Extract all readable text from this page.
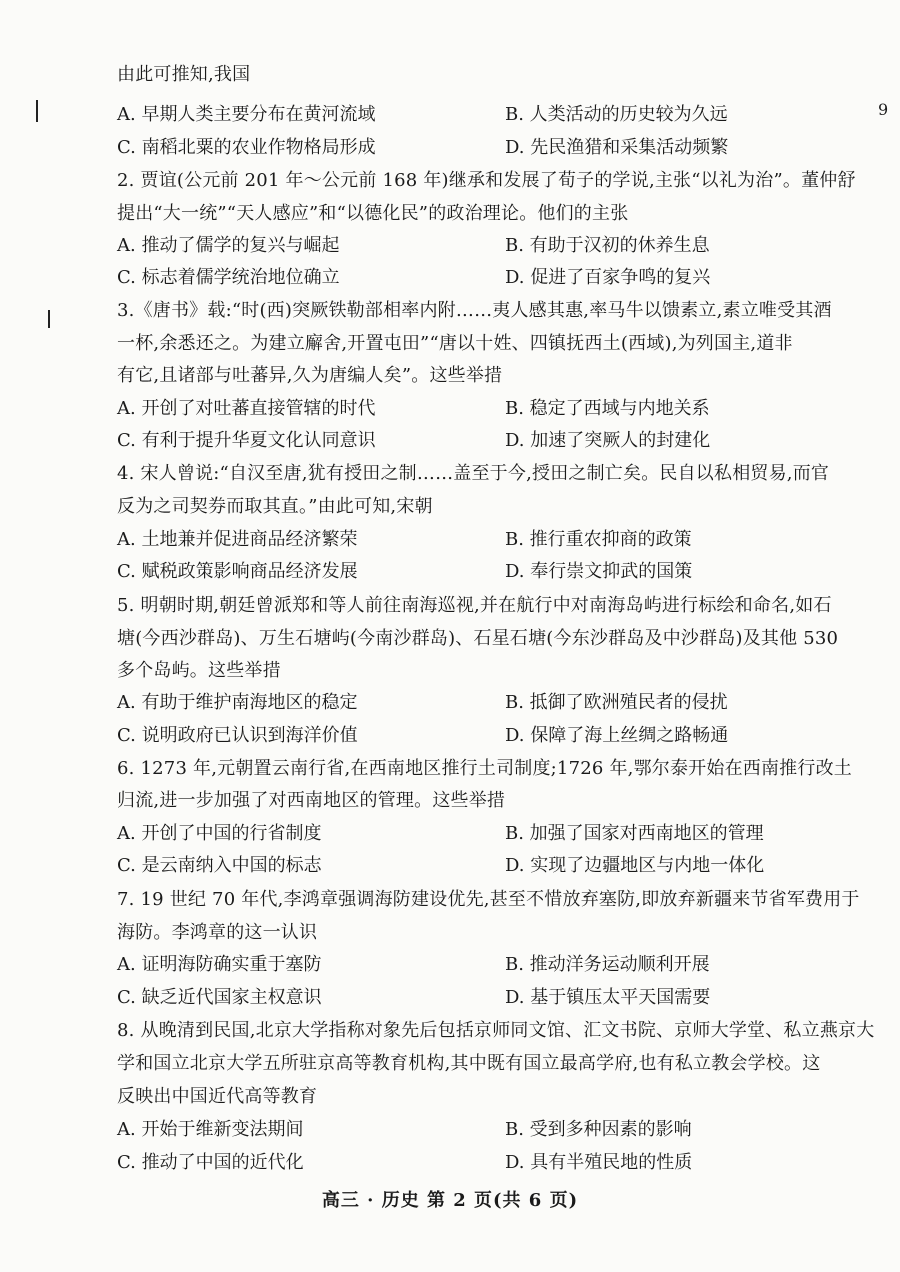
9
由此可推知,我国
A. 早期人类主要分布在黄河流域	B. 人类活动的历史较为久远
C. 南稻北粟的农业作物格局形成	D. 先民渔猎和采集活动频繁
2. 贾谊(公元前 201 年～公元前 168 年)继承和发展了荀子的学说,主张“以礼为治”。董仲舒
提出“大一统”“天人感应”和“以德化民”的政治理论。他们的主张
A. 推动了儒学的复兴与崛起	B. 有助于汉初的休养生息
C. 标志着儒学统治地位确立	D. 促进了百家争鸣的复兴
3.《唐书》载:“时(西)突厥铁勒部相率内附……夷人感其惠,率马牛以馈素立,素立唯受其酒
一杯,余悉还之。为建立廨舍,开置屯田”“唐以十姓、四镇抚西土(西域),为列国主,道非
有它,且诸部与吐蕃异,久为唐编人矣”。这些举措
A. 开创了对吐蕃直接管辖的时代	B. 稳定了西域与内地关系
C. 有利于提升华夏文化认同意识	D. 加速了突厥人的封建化
4. 宋人曾说:“自汉至唐,犹有授田之制……盖至于今,授田之制亡矣。民自以私相贸易,而官
反为之司契券而取其直。”由此可知,宋朝
A. 土地兼并促进商品经济繁荣	B. 推行重农抑商的政策
C. 赋税政策影响商品经济发展	D. 奉行崇文抑武的国策
5. 明朝时期,朝廷曾派郑和等人前往南海巡视,并在航行中对南海岛屿进行标绘和命名,如石
塘(今西沙群岛)、万生石塘屿(今南沙群岛)、石星石塘(今东沙群岛及中沙群岛)及其他 530
多个岛屿。这些举措
A. 有助于维护南海地区的稳定	B. 抵御了欧洲殖民者的侵扰
C. 说明政府已认识到海洋价值	D. 保障了海上丝绸之路畅通
6. 1273 年,元朝置云南行省,在西南地区推行土司制度;1726 年,鄂尔泰开始在西南推行改土
归流,进一步加强了对西南地区的管理。这些举措
A. 开创了中国的行省制度	B. 加强了国家对西南地区的管理
C. 是云南纳入中国的标志	D. 实现了边疆地区与内地一体化
7. 19 世纪 70 年代,李鸿章强调海防建设优先,甚至不惜放弃塞防,即放弃新疆来节省军费用于
海防。李鸿章的这一认识
A. 证明海防确实重于塞防	B. 推动洋务运动顺利开展
C. 缺乏近代国家主权意识	D. 基于镇压太平天国需要
8. 从晚清到民国,北京大学指称对象先后包括京师同文馆、汇文书院、京师大学堂、私立燕京大
学和国立北京大学五所驻京高等教育机构,其中既有国立最高学府,也有私立教会学校。这
反映出中国近代高等教育
A. 开始于维新变法期间	B. 受到多种因素的影响
C. 推动了中国的近代化	D. 具有半殖民地的性质
高三 · 历史 第 2 页(共 6 页)
